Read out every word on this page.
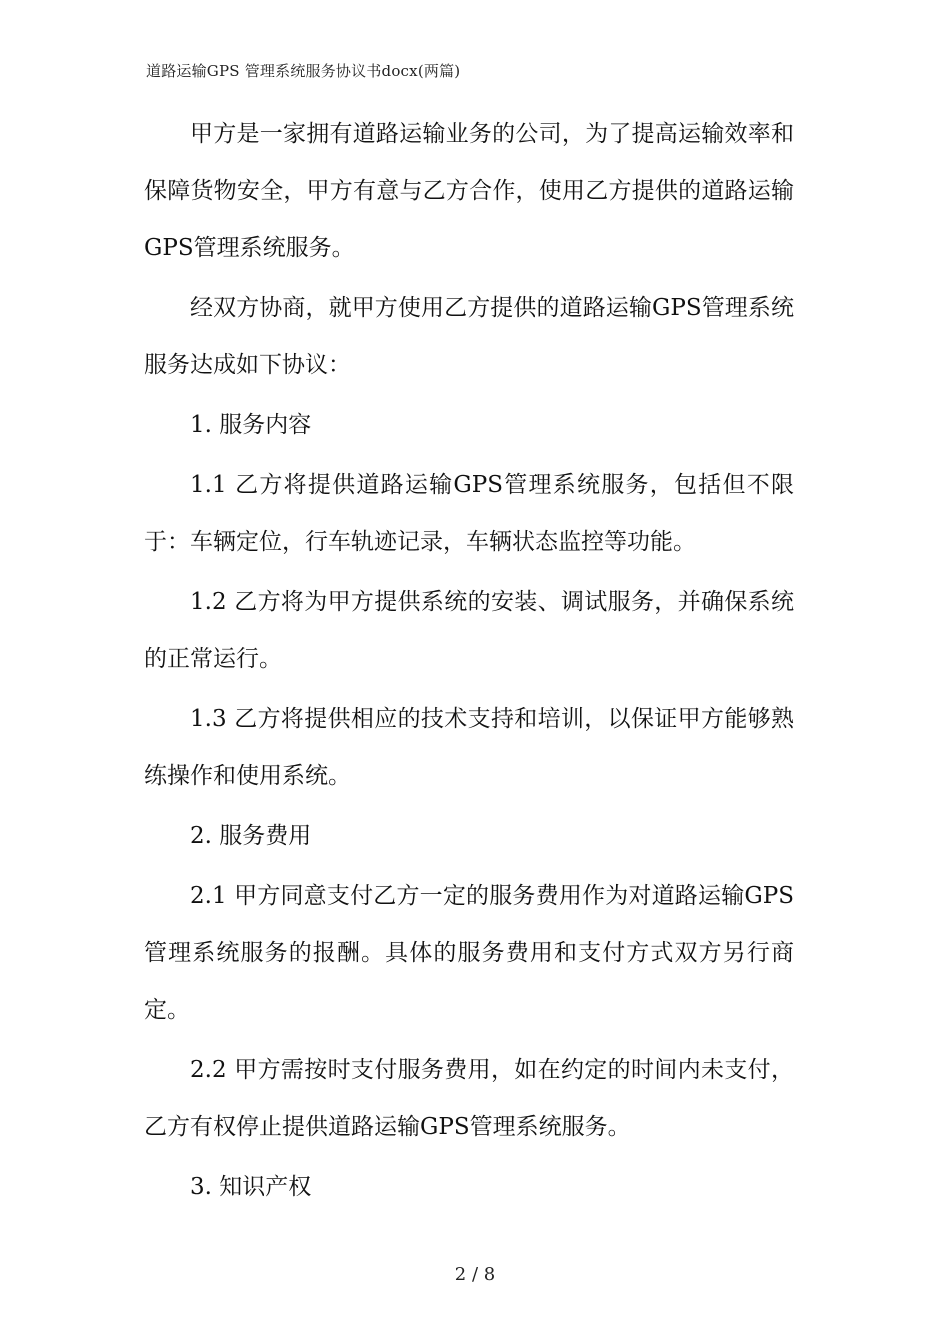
道路运输GPS 管理系统服务协议书docx(两篇)

甲方是一家拥有道路运输业务的公司，为了提高运输效率和保障货物安全，甲方有意与乙方合作，使用乙方提供的道路运输GPS管理系统服务。

经双方协商，就甲方使用乙方提供的道路运输GPS管理系统服务达成如下协议：

1. 服务内容

1.1 乙方将提供道路运输GPS管理系统服务，包括但不限于：车辆定位，行车轨迹记录，车辆状态监控等功能。

1.2 乙方将为甲方提供系统的安装、调试服务，并确保系统的正常运行。

1.3 乙方将提供相应的技术支持和培训，以保证甲方能够熟练操作和使用系统。

2. 服务费用

2.1 甲方同意支付乙方一定的服务费用作为对道路运输GPS管理系统服务的报酬。具体的服务费用和支付方式双方另行商定。

2.2 甲方需按时支付服务费用，如在约定的时间内未支付，乙方有权停止提供道路运输GPS管理系统服务。

3. 知识产权

2 / 8
